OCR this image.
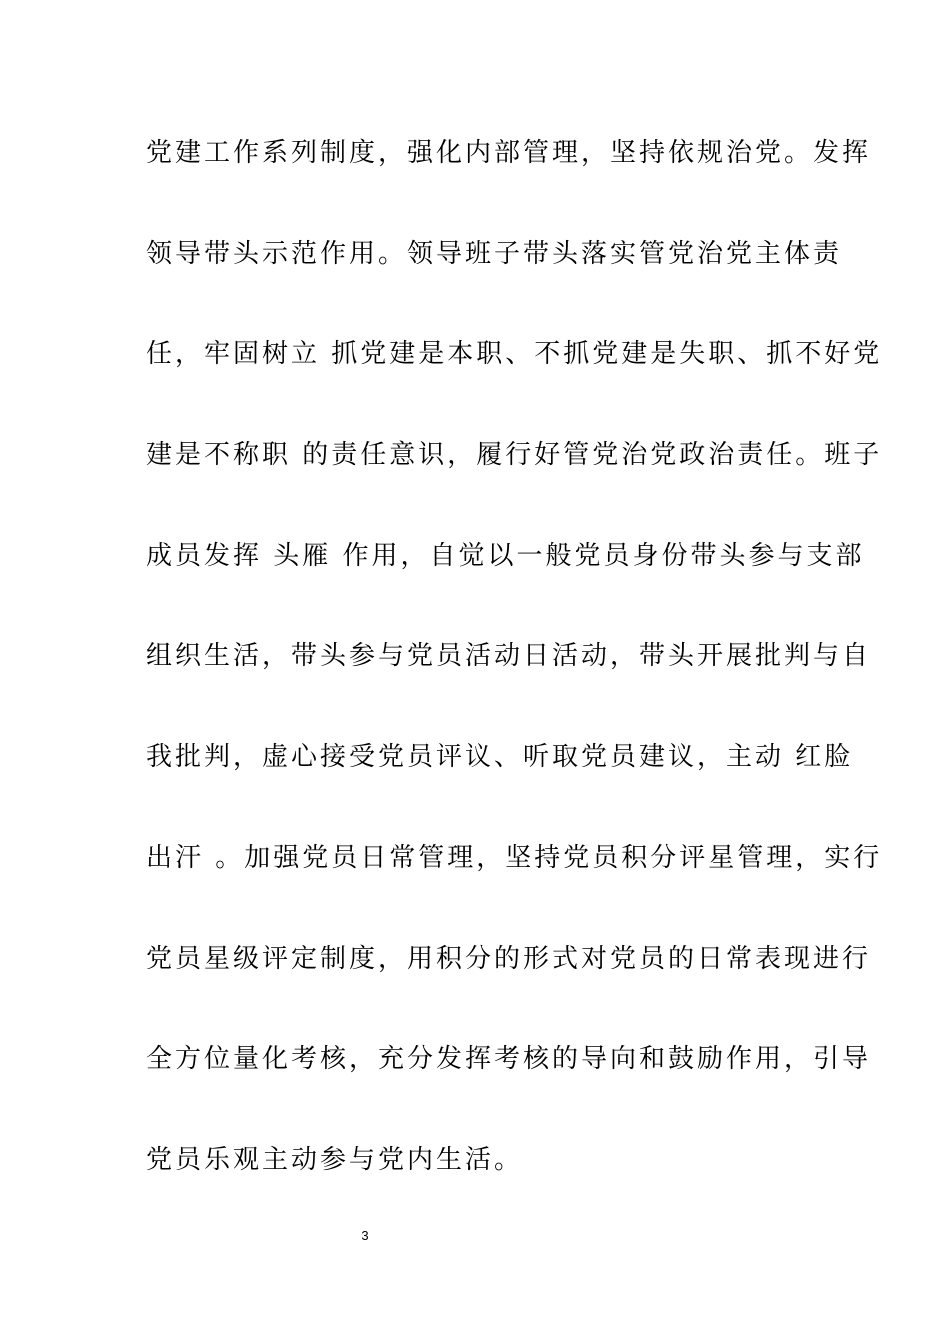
党建工作系列制度，强化内部管理，坚持依规治党。发挥
领导带头示范作用。领导班子带头落实管党治党主体责
任，牢固树立 抓党建是本职、不抓党建是失职、抓不好党
建是不称职 的责任意识，履行好管党治党政治责任。班子
成员发挥 头雁 作用，自觉以一般党员身份带头参与支部
组织生活，带头参与党员活动日活动，带头开展批判与自
我批判，虚心接受党员评议、听取党员建议，主动 红脸
出汗 。加强党员日常管理，坚持党员积分评星管理，实行
党员星级评定制度，用积分的形式对党员的日常表现进行
全方位量化考核，充分发挥考核的导向和鼓励作用，引导
党员乐观主动参与党内生活。
3
